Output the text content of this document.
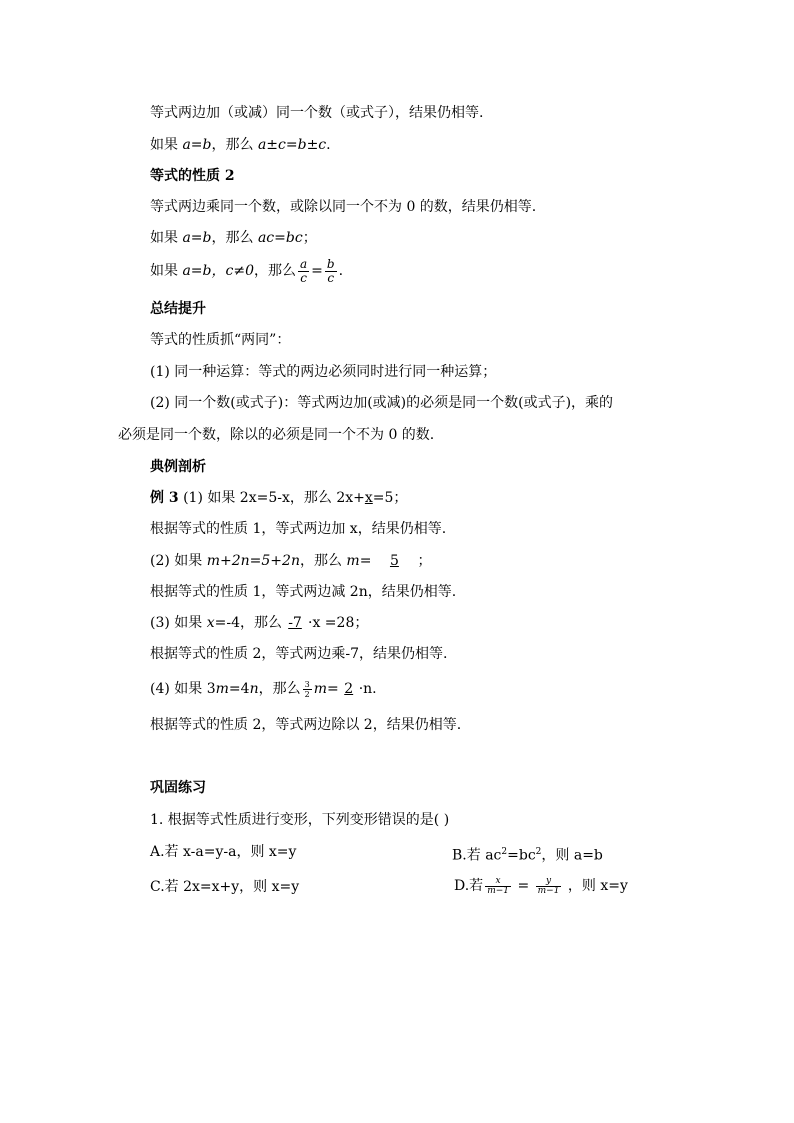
等式两边加（或减）同一个数（或式子），结果仍相等.
如果 a=b，那么 a±c=b±c.
等式的性质 2
等式两边乘同一个数，或除以同一个不为 0 的数，结果仍相等.
如果 a=b，那么 ac=bc；
如果 a=b，c≠0，那么 $\frac{a}{c} = \frac{b}{c}$ .
总结提升
等式的性质抓“两同”：
(1) 同一种运算：等式的两边必须同时进行同一种运算；
(2) 同一个数(或式子)：等式两边加(或减)的必须是同一个数(或式子)，乘的
必须是同一个数，除以的必须是同一个不为 0 的数.
典例剖析
例 3 (1) 如果 2x=5-x，那么 2x+x=5；
根据等式的性质 1，等式两边加 x，结果仍相等.
(2) 如果 m+2n=5+2n，那么 m= 5 ；
根据等式的性质 1，等式两边减 2n，结果仍相等.
(3) 如果 x=-4，那么 -7 ·x =28；
根据等式的性质 2，等式两边乘-7，结果仍相等.
(4) 如果 3m=4n，那么 $\frac{3}{2} m= 2 \cdot n$.
根据等式的性质 2，等式两边除以 2，结果仍相等.
巩固练习
1. 根据等式性质进行变形，下列变形错误的是( )
A.若 x-a=y-a，则 x=y	B.若 $ac^2=bc^2$，则 a=b
C.若 2x=x+y，则 x=y	D.若 $\frac{x}{m-1} = \frac{y}{m-1}$ ，则 x=y
